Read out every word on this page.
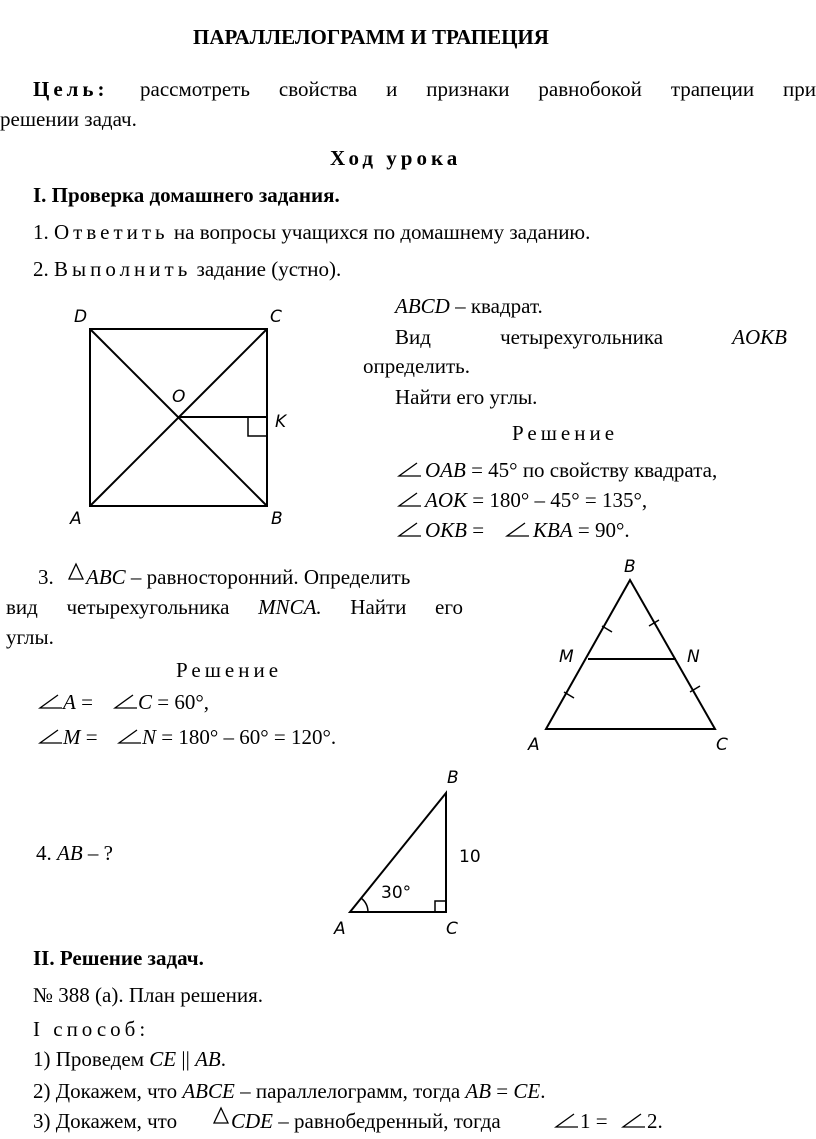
ПАРАЛЛЕЛОГРАММ И ТРАПЕЦИЯ
Цель: рассмотреть свойства и признаки равнобокой трапеции при
решении задач.
Ход урока
I. Проверка домашнего задания.
1. Ответить на вопросы учащихся по домашнему заданию.
2. Выполнить задание (устно).
ABCD – квадрат.
Вид	четырехугольника	AOKB
определить.
Найти его углы.
Решение
OAB = 45° по свойству квадрата,
AOK = 180° – 45° = 135°,
OKB = KBA = 90°.
3. ABC – равносторонний. Определить
вид четырехугольника MNCA. Найти его
углы.
Решение
A = C = 60°,
M = N = 180° – 60° = 120°.
4. AB – ?
II. Решение задач.
№ 388 (а). План решения.
I способ:
1) Проведем CE || AB.
2) Докажем, что ABCE – параллелограмм, тогда AB = CE.
3) Докажем, что	CDE – равнобедренный, тогда	1 = 2.
D	C
O
K
A	B
B
M	N
A	C
B
A	C
10
30°
